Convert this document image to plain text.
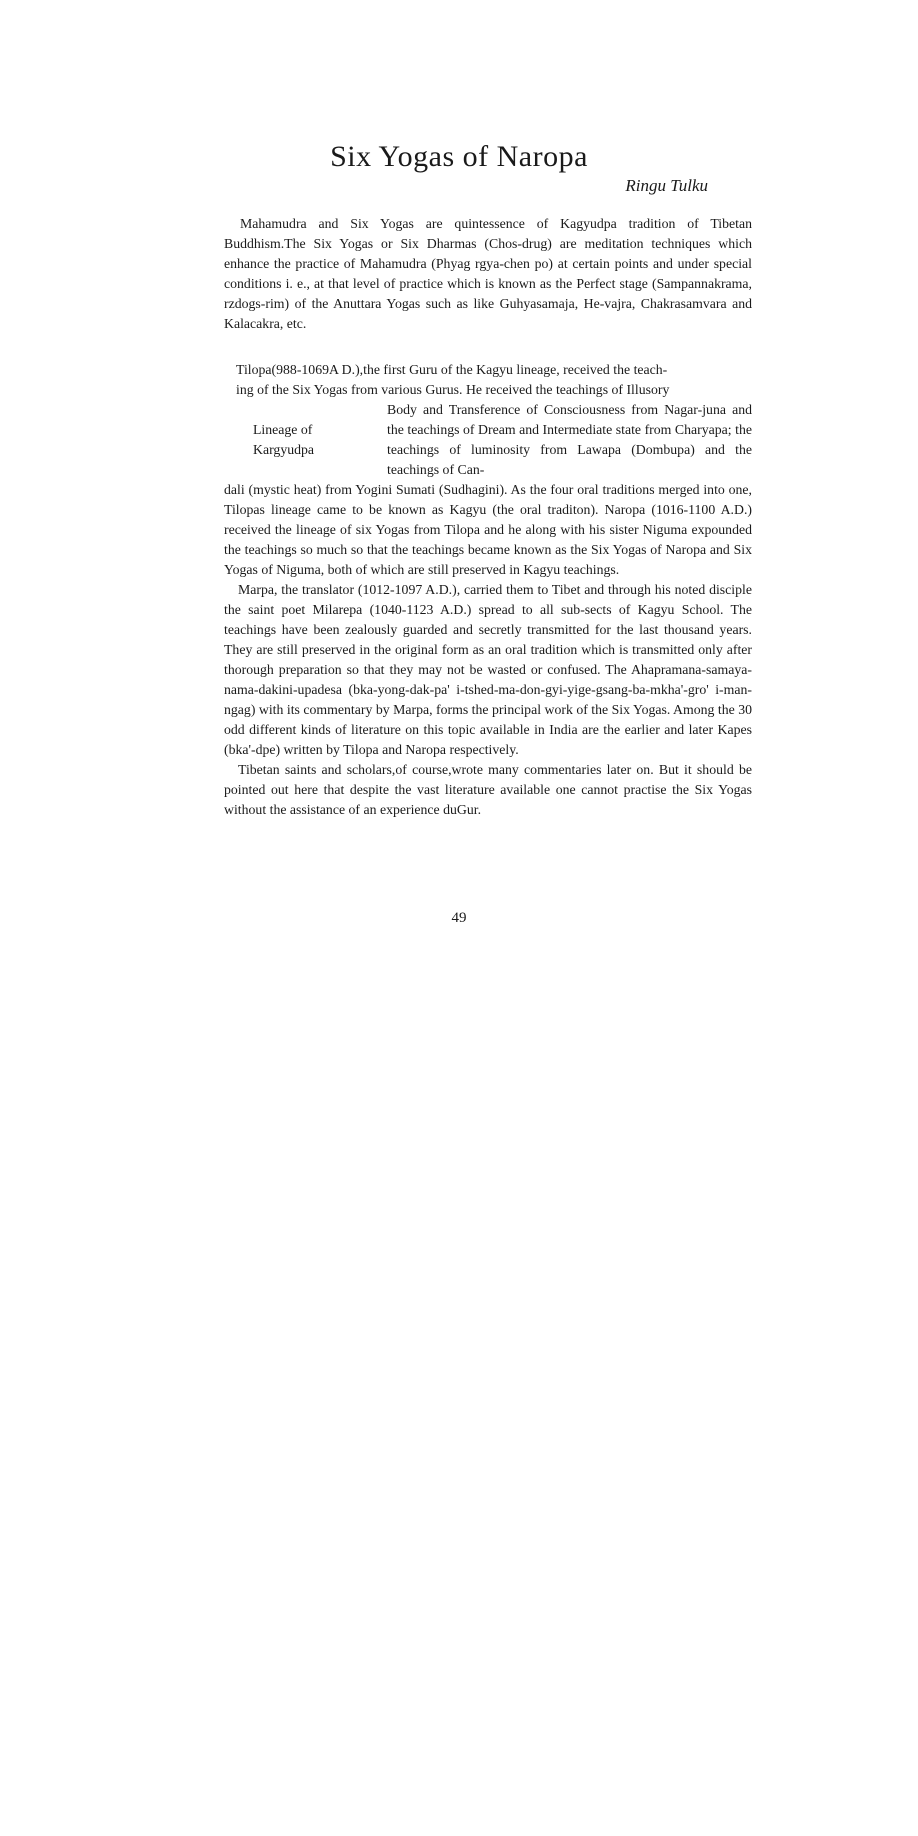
Six Yogas of Naropa
Ringu Tulku
Mahamudra and Six Yogas are quintessence of Kagyudpa tradition of Tibetan Buddhism.The Six Yogas or Six Dharmas (Chos-drug) are meditation techniques which enhance the practice of Mahamudra (Phyag rgya-chen po) at certain points and under special conditions i. e., at that level of practice which is known as the Perfect stage (Sampannakrama, rzdogs-rim) of the Anuttara Yogas such as like Guhyasamaja, He-vajra, Chakrasamvara and Kalacakra, etc.
Tilopa(988-1069A D.),the first Guru of the Kagyu lineage, received the teach-
ing of the Six Yogas from various Gurus. He received the teachings of Illusory
Lineage of
Kargyudpa
Body and Transference of Consciousness from Nagar-juna and the teachings of Dream and Intermediate state from Charyapa; the teachings of luminosity from Lawapa (Dombupa) and the teachings of Can-

dali (mystic heat) from Yogini Sumati (Sudhagini). As the four oral traditions merged into one, Tilopas lineage came to be known as Kagyu (the oral traditon). Naropa (1016-1100 A.D.) received the lineage of six Yogas from Tilopa and he along with his sister Niguma expounded the teachings so much so that the teachings became known as the Six Yogas of Naropa and Six Yogas of Niguma, both of which are still preserved in Kagyu teachings.

Marpa, the translator (1012-1097 A.D.), carried them to Tibet and through his noted disciple the saint poet Milarepa (1040-1123 A.D.) spread to all sub-sects of Kagyu School. The teachings have been zealously guarded and secretly transmitted for the last thousand years. They are still preserved in the original form as an oral tradition which is transmitted only after thorough preparation so that they may not be wasted or confused. The Ahapramana-samaya-nama-dakini-upadesa (bka-yong-dak-pa' i-tshed-ma-don-gyi-yige-gsang-ba-mkha'-gro' i-man-ngag) with its commentary by Marpa, forms the principal work of the Six Yogas. Among the 30 odd different kinds of literature on this topic available in India are the earlier and later Kapes (bka'-dpe) written by Tilopa and Naropa respectively.

Tibetan saints and scholars,of course,wrote many commentaries later on. But it should be pointed out here that despite the vast literature available one cannot practise the Six Yogas without the assistance of an experience duGur.

49
